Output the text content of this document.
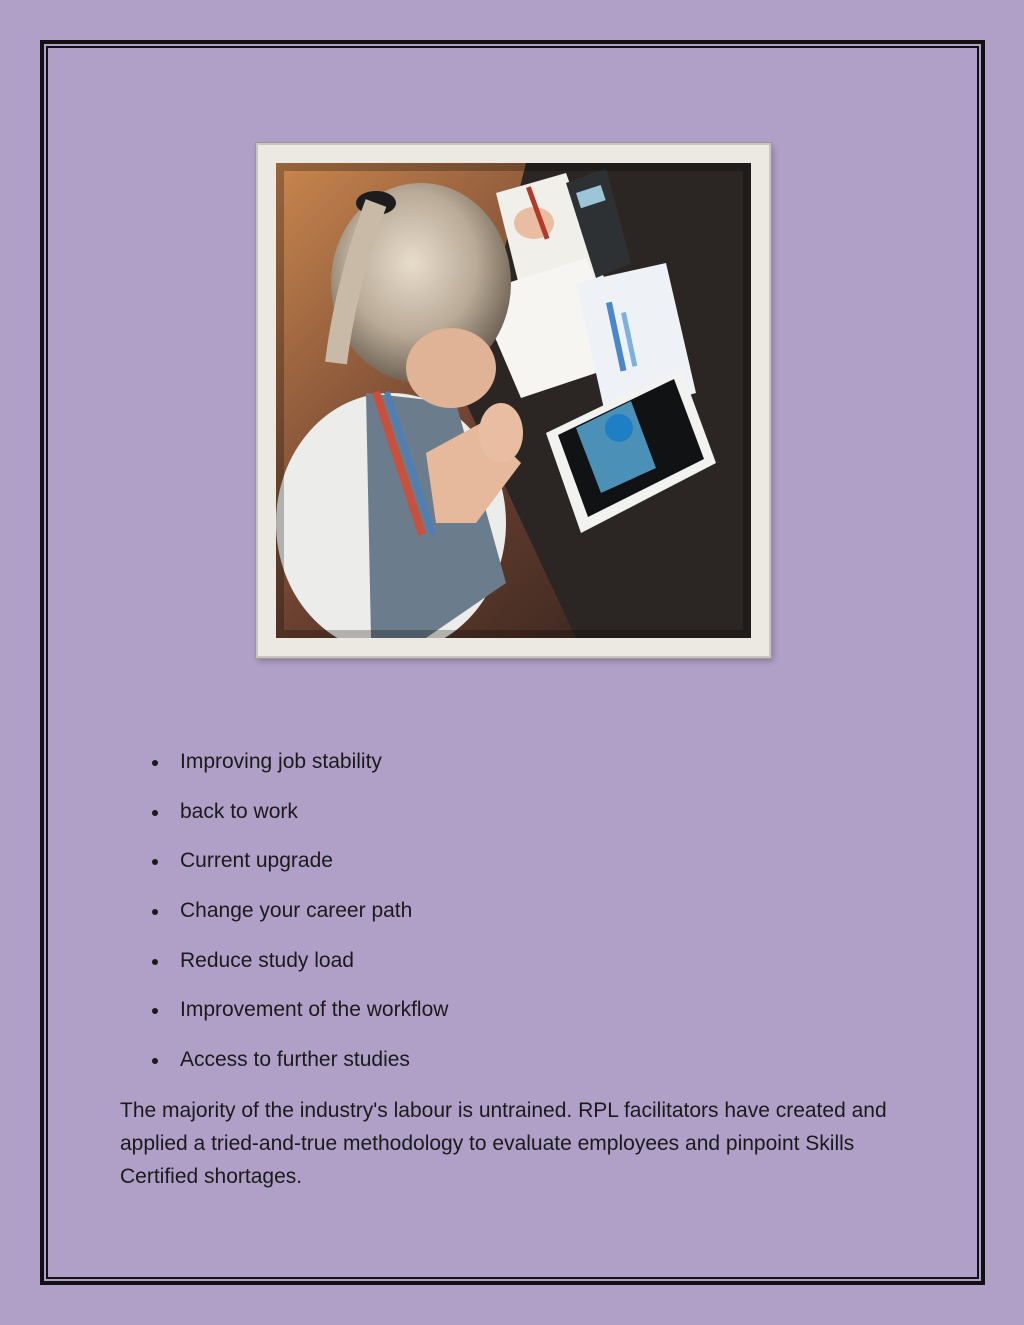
Improving job stability
back to work
Current upgrade
Change your career path
Reduce study load
Improvement of the workflow
Access to further studies

The majority of the industry's labour is untrained. RPL facilitators have created and applied a tried-and-true methodology to evaluate employees and pinpoint Skills Certified shortages.
